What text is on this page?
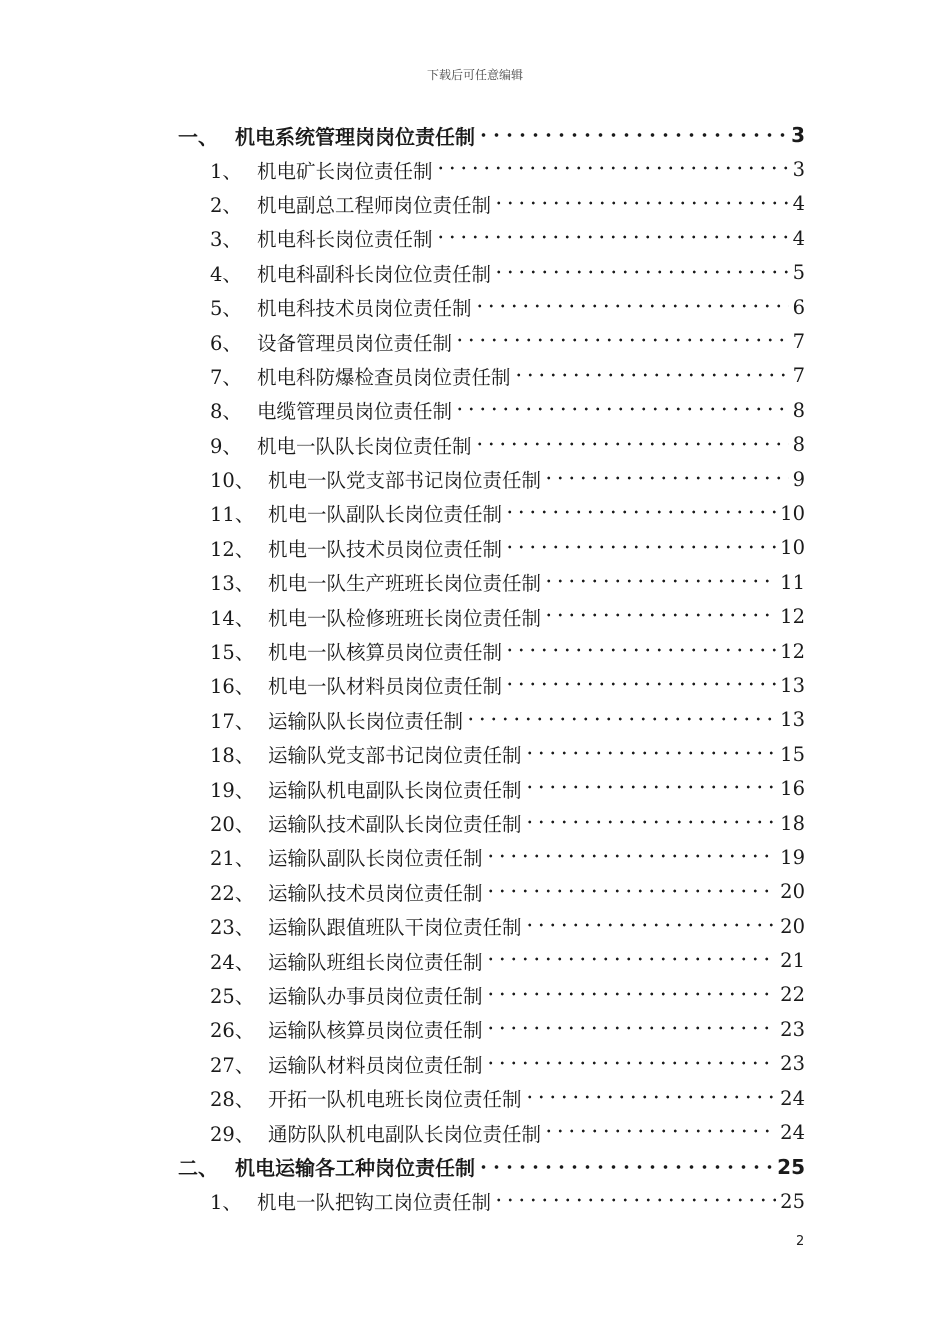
下载后可任意编辑
一、 机电系统管理岗岗位责任制	3
1、 机电矿长岗位责任制	3
2、 机电副总工程师岗位责任制	4
3、 机电科长岗位责任制	4
4、 机电科副科长岗位位责任制	5
5、 机电科技术员岗位责任制	6
6、 设备管理员岗位责任制	7
7、 机电科防爆检查员岗位责任制	7
8、 电缆管理员岗位责任制	8
9、 机电一队队长岗位责任制	8
10、 机电一队党支部书记岗位责任制	9
11、 机电一队副队长岗位责任制	10
12、 机电一队技术员岗位责任制	10
13、 机电一队生产班班长岗位责任制	11
14、 机电一队检修班班长岗位责任制	12
15、 机电一队核算员岗位责任制	12
16、 机电一队材料员岗位责任制	13
17、 运输队队长岗位责任制	13
18、 运输队党支部书记岗位责任制	15
19、 运输队机电副队长岗位责任制	16
20、 运输队技术副队长岗位责任制	18
21、 运输队副队长岗位责任制	19
22、 运输队技术员岗位责任制	20
23、 运输队跟值班队干岗位责任制	20
24、 运输队班组长岗位责任制	21
25、 运输队办事员岗位责任制	22
26、 运输队核算员岗位责任制	23
27、 运输队材料员岗位责任制	23
28、 开拓一队机电班长岗位责任制	24
29、 通防队队机电副队长岗位责任制	24
二、 机电运输各工种岗位责任制	25
1、 机电一队把钩工岗位责任制	25
2
